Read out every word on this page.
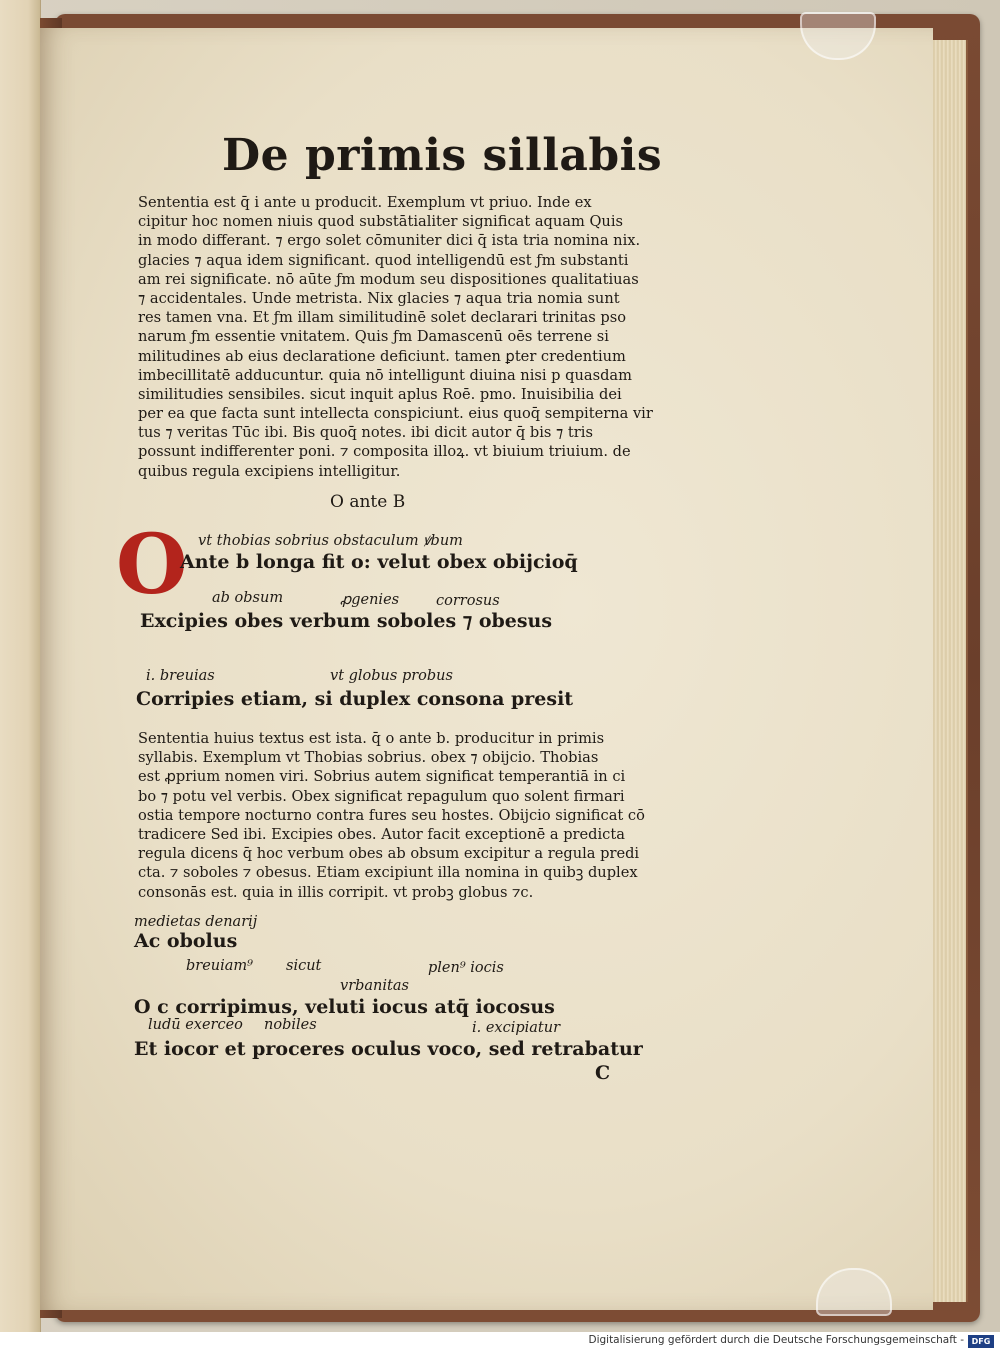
De primis sillabis
Sententia est q̄ i ante u producit. Exemplum vt priuo. Inde ex
cipitur hoc nomen niuis quod substātialiter significat aquam Quis
in modo differant. ⁊ ergo solet cōmuniter dici q̄ ista tria nomina nix.
glacies ⁊ aqua idem significant. quod intelligendū est ƒm substanti
am rei significate. nō aūte ƒm modum seu dispositiones qualitatiuas
⁊ accidentales. Unde metrista. Nix glacies ⁊ aqua tria nomia sunt
res tamen vna. Et ƒm illam similitudinē solet declarari trinitas pso
narum ƒm essentie vnitatem. Quis ƒm Damascenū oēs terrene si
militudines ab eius declaratione deficiunt. tamen ꝑter credentium
imbecillitatē adducuntur. quia nō intelligunt diuina nisi p quasdam
similitudies sensibiles. sicut inquit aplus Roē. pmo. Inuisibilia dei
per ea que facta sunt intellecta conspiciunt. eius quoq̄ sempiterna vir
tus ⁊ veritas Tūc ibi. Bis quoq̄ notes. ibi dicit autor q̄ bis ⁊ tris
possunt indifferenter poni. ⁊ composita illoꝝ. vt biuium triuium. de
quibus regula excipiens intelligitur.
O ante B
O vt thobias sobrius obstaculum ꝟbum
Ante b longa fit o: velut obex obijcioq̄
ab obsum	ꝓgenies	corrosus
Excipies obes verbum soboles ⁊ obesus
i. breuias	vt globus probus
Corripies etiam, si duplex consona presit
Sententia huius textus est ista. q̄ o ante b. producitur in primis
syllabis. Exemplum vt Thobias sobrius. obex ⁊ obijcio. Thobias
est ꝓprium nomen viri. Sobrius autem significat temperantiā in ci
bo ⁊ potu vel verbis. Obex significat repagulum quo solent firmari
ostia tempore nocturno contra fures seu hostes. Obijcio significat cō
tradicere Sed ibi. Excipies obes. Autor facit exceptionē a predicta
regula dicens q̄ hoc verbum obes ab obsum excipitur a regula predi
cta. ⁊ soboles ⁊ obesus. Etiam excipiunt illa nomina in quibꝫ duplex
consonās est. quia in illis corripit. vt probꝫ globus ⁊c.
medietas denarij
Ac obolus
breuiam⁹ sicut	plen⁹ iocis
vrbanitas
O c corripimus, veluti iocus atq̄ iocosus
ludū exerceo nobiles	i. excipiatur
Et iocor et proceres oculus voco, sed retrabatur
C
Digitalisierung gefördert durch die Deutsche Forschungsgemeinschaft - DFG
